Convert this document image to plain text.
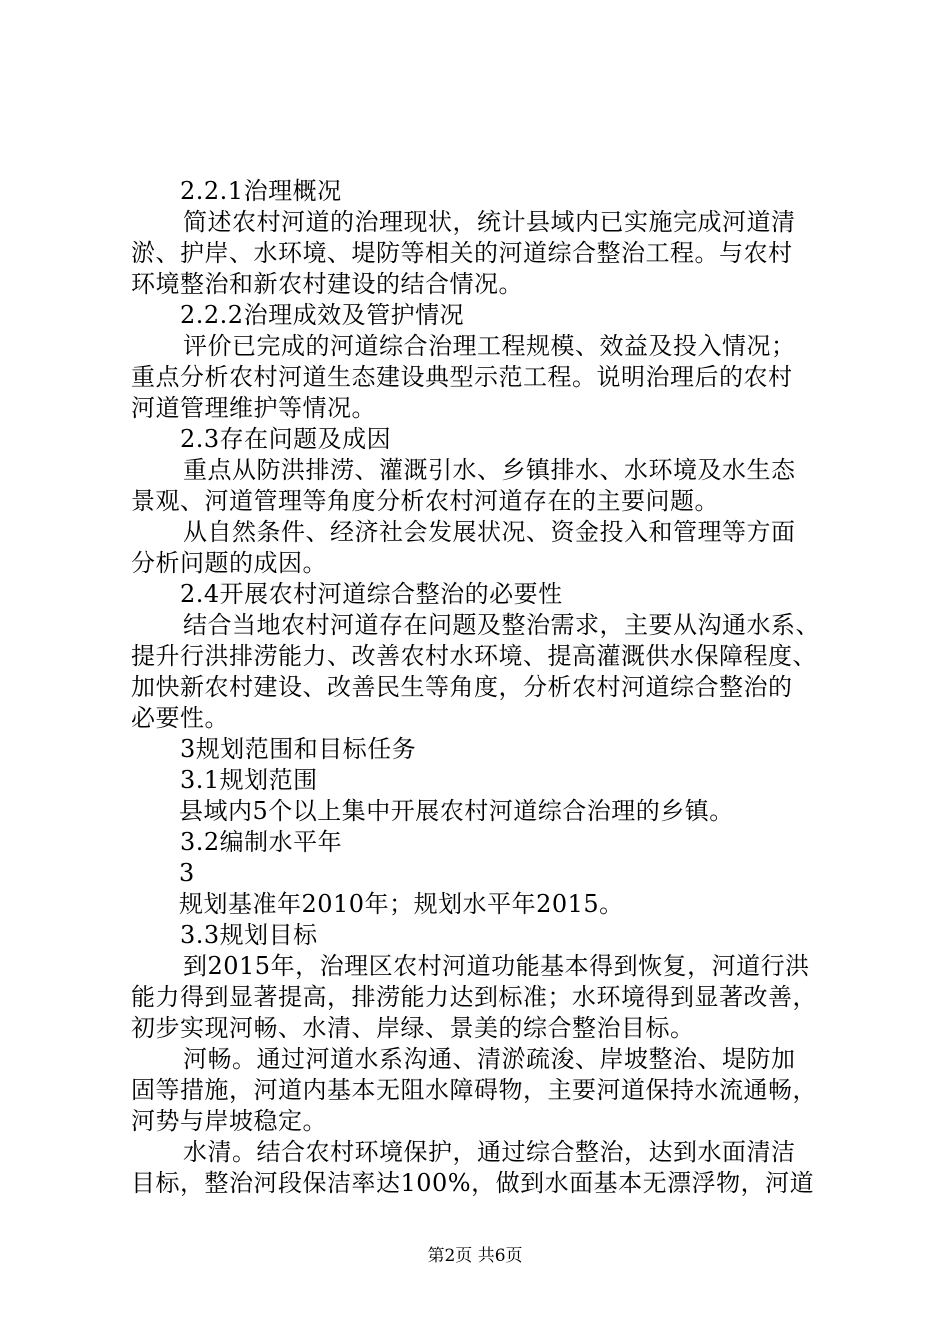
2.2.1治理概况
简述农村河道的治理现状，统计县域内已实施完成河道清
淤、护岸、水环境、堤防等相关的河道综合整治工程。与农村
环境整治和新农村建设的结合情况。
2.2.2治理成效及管护情况
评价已完成的河道综合治理工程规模、效益及投入情况；
重点分析农村河道生态建设典型示范工程。说明治理后的农村
河道管理维护等情况。
2.3存在问题及成因
重点从防洪排涝、灌溉引水、乡镇排水、水环境及水生态
景观、河道管理等角度分析农村河道存在的主要问题。
从自然条件、经济社会发展状况、资金投入和管理等方面
分析问题的成因。
2.4开展农村河道综合整治的必要性
结合当地农村河道存在问题及整治需求，主要从沟通水系、
提升行洪排涝能力、改善农村水环境、提高灌溉供水保障程度、
加快新农村建设、改善民生等角度，分析农村河道综合整治的
必要性。
3规划范围和目标任务
3.1规划范围
县域内5个以上集中开展农村河道综合治理的乡镇。
3.2编制水平年
3
规划基准年2010年；规划水平年2015。
3.3规划目标
到2015年，治理区农村河道功能基本得到恢复，河道行洪
能力得到显著提高，排涝能力达到标准；水环境得到显著改善，
初步实现河畅、水清、岸绿、景美的综合整治目标。
河畅。通过河道水系沟通、清淤疏浚、岸坡整治、堤防加
固等措施，河道内基本无阻水障碍物，主要河道保持水流通畅，
河势与岸坡稳定。
水清。结合农村环境保护，通过综合整治，达到水面清洁
目标，整治河段保洁率达100%，做到水面基本无漂浮物，河道
第2页 共6页
